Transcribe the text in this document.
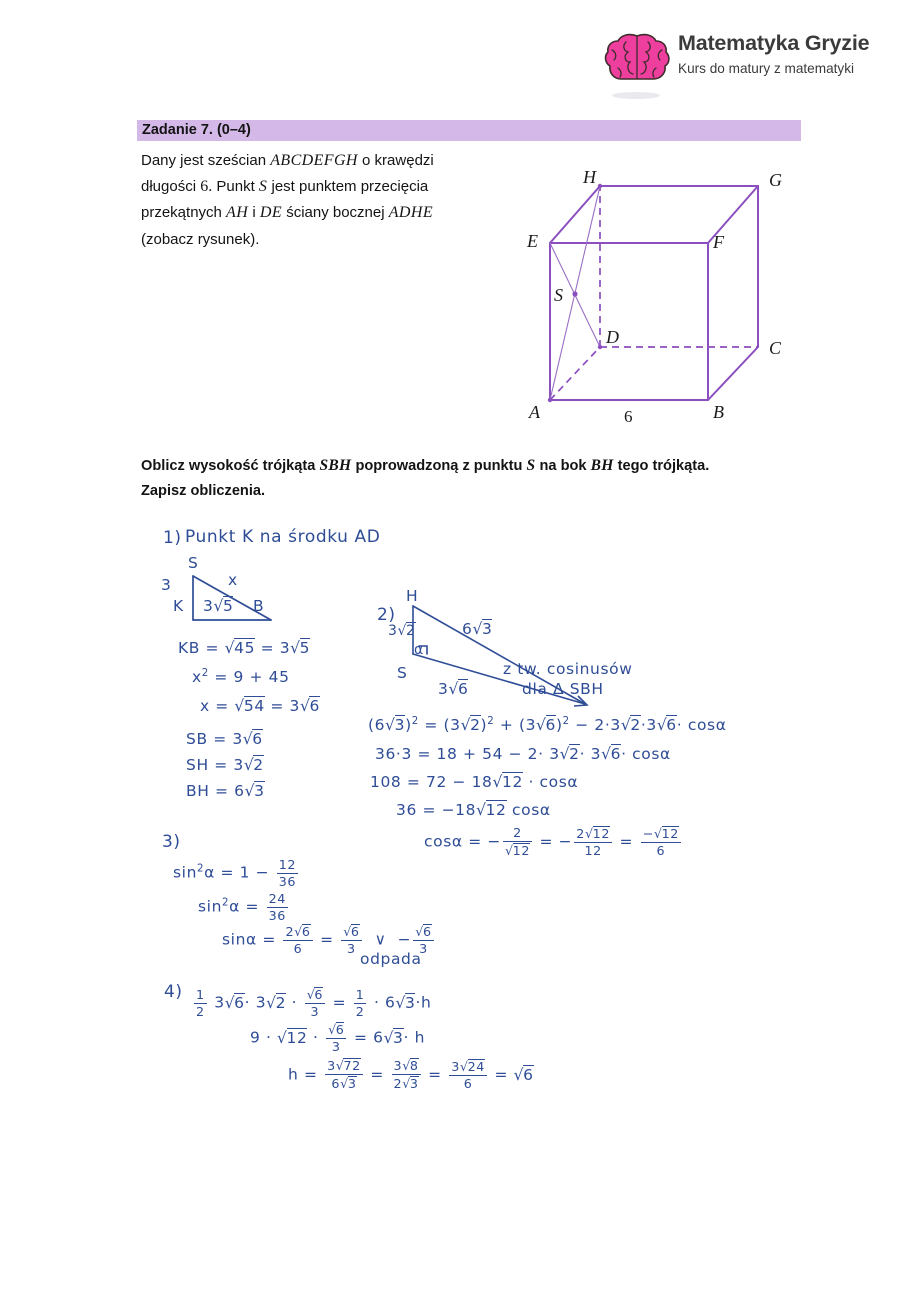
Matematyka Gryzie
Kurs do matury z matematyki
Zadanie 7. (0–4)
Dany jest sześcian ABCDEFGH o krawędzi
długości 6. Punkt S jest punktem przecięcia
przekątnych AH i DE ściany bocznej ADHE
(zobacz rysunek).
A	B
C
D
E	F
G
H
S
6
Oblicz wysokość trójkąta SBH poprowadzoną z punktu S na bok BH tego trójkąta.
Zapisz obliczenia.
1) Punkt K na środku AD
S
K	B
3
3√5
x
KB = √45 = 3√5
$x^2 = 9 + 45$
x = √54 = 3√6
SB = 3√6
SH = 3√2
BH = 6√3
2)
H
S
3√2	6√3
3√6
α
z tw. cosinusów
dla Δ SBH
$(6√3)^2 = (3√2)^2 + (3√6)^2 - 2\cdot 3√2\cdot 3√6\cdot \cos\alpha$
36·3 = 18 + 54 − 2· 3√2· 3√6· cosα
108 = 72 − 18√12 · cosα
36 = −18√12 cosα
cosα = − $\frac{2}{√12}$ = − $\frac{2√12}{12} = \frac{-√12}{6}$
3)
$\sin^2\alpha = 1 - \frac{12}{36}$
$\sin^2\alpha = \frac{24}{36}$
$\sin\alpha = \frac{2√6}{6} = \frac{√6}{3}$ ∨  − $\frac{√6}{3}$
odpada
$4) \frac{1}{2} 3√6\cdot 3√2 \cdot \frac{√6}{3} = \frac{1}{2} \cdot 6√3\cdot h$
$9 \cdot √12 \cdot \frac{√6}{3} = 6√3\cdot h$
$h = \frac{3√72}{6√3} = \frac{3√8}{2√3} = \frac{3√24}{6} = √6$
